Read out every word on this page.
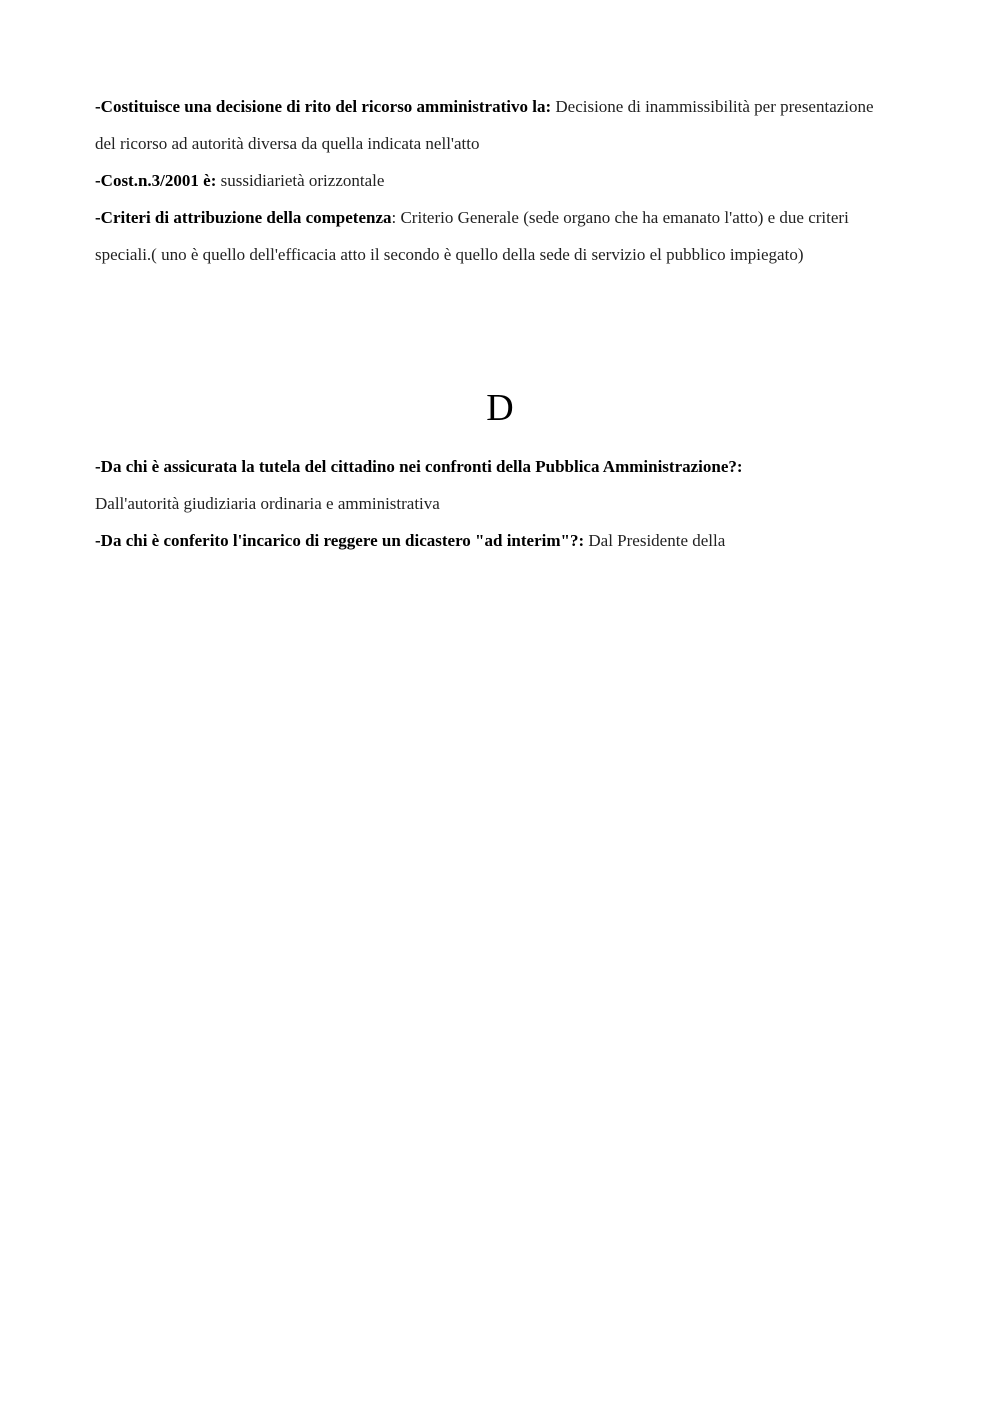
-Costituisce una decisione di rito del ricorso amministrativo la: Decisione di inammissibilità per presentazione del ricorso ad autorità diversa da quella indicata nell'atto

-Cost.n.3/2001 è: sussidiarietà orizzontale

-Criteri di attribuzione della competenza: Criterio Generale (sede organo che ha emanato l'atto) e due criteri speciali.( uno è quello dell'efficacia atto il secondo è quello della sede di servizio el pubblico impiegato)

D

-Da chi è assicurata la tutela del cittadino nei confronti della Pubblica Amministrazione?:
Dall'autorità giudiziaria ordinaria e amministrativa

-Da chi è conferito l'incarico di reggere un dicastero "ad interim"?: Dal Presidente della
